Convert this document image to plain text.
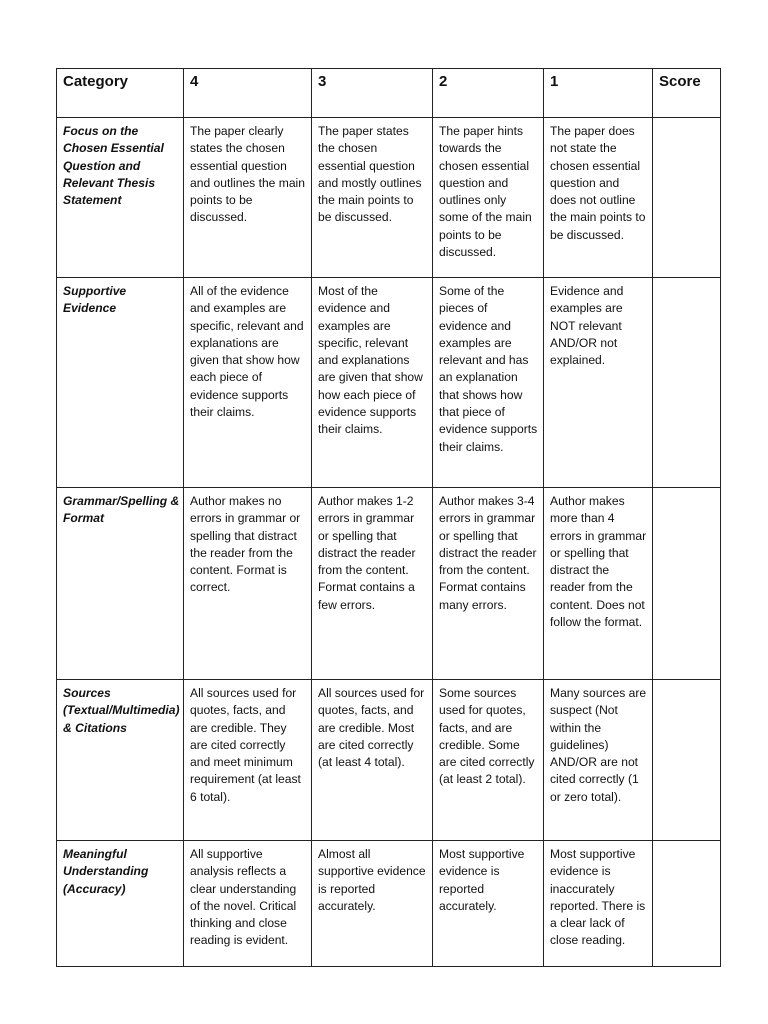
Category	4	3	2	1	Score

Focus on the Chosen Essential Question and Relevant Thesis Statement	The paper clearly states the chosen essential question and outlines the main points to be discussed.	The paper states the chosen essential question and mostly outlines the main points to be discussed.	The paper hints towards the chosen essential question and outlines only some of the main points to be discussed.	The paper does not state the chosen essential question and does not outline the main points to be discussed.	

Supportive Evidence	All of the evidence and examples are specific, relevant and explanations are given that show how each piece of evidence supports their claims.	Most of the evidence and examples are specific, relevant and explanations are given that show how each piece of evidence supports their claims.	Some of the pieces of evidence and examples are relevant and has an explanation that shows how that piece of evidence supports their claims.	Evidence and examples are NOT relevant AND/OR not explained.	

Grammar/Spelling & Format	Author makes no errors in grammar or spelling that distract the reader from the content. Format is correct.	Author makes 1-2 errors in grammar or spelling that distract the reader from the content. Format contains a few errors.	Author makes 3-4 errors in grammar or spelling that distract the reader from the content. Format contains many errors.	Author makes more than 4 errors in grammar or spelling that distract the reader from the content. Does not follow the format.	

Sources (Textual/Multimedia) & Citations	All sources used for quotes, facts, and are credible. They are cited correctly and meet minimum requirement (at least 6 total).	All sources used for quotes, facts, and are credible. Most are cited correctly (at least 4 total).	Some sources used for quotes, facts, and are credible. Some are cited correctly (at least 2 total).	Many sources are suspect (Not within the guidelines) AND/OR are not cited correctly (1 or zero total).	

Meaningful Understanding (Accuracy)	All supportive analysis reflects a clear understanding of the novel. Critical thinking and close reading is evident.	Almost all supportive evidence is reported accurately.	Most supportive evidence is reported accurately.	Most supportive evidence is inaccurately reported. There is a clear lack of close reading.	
